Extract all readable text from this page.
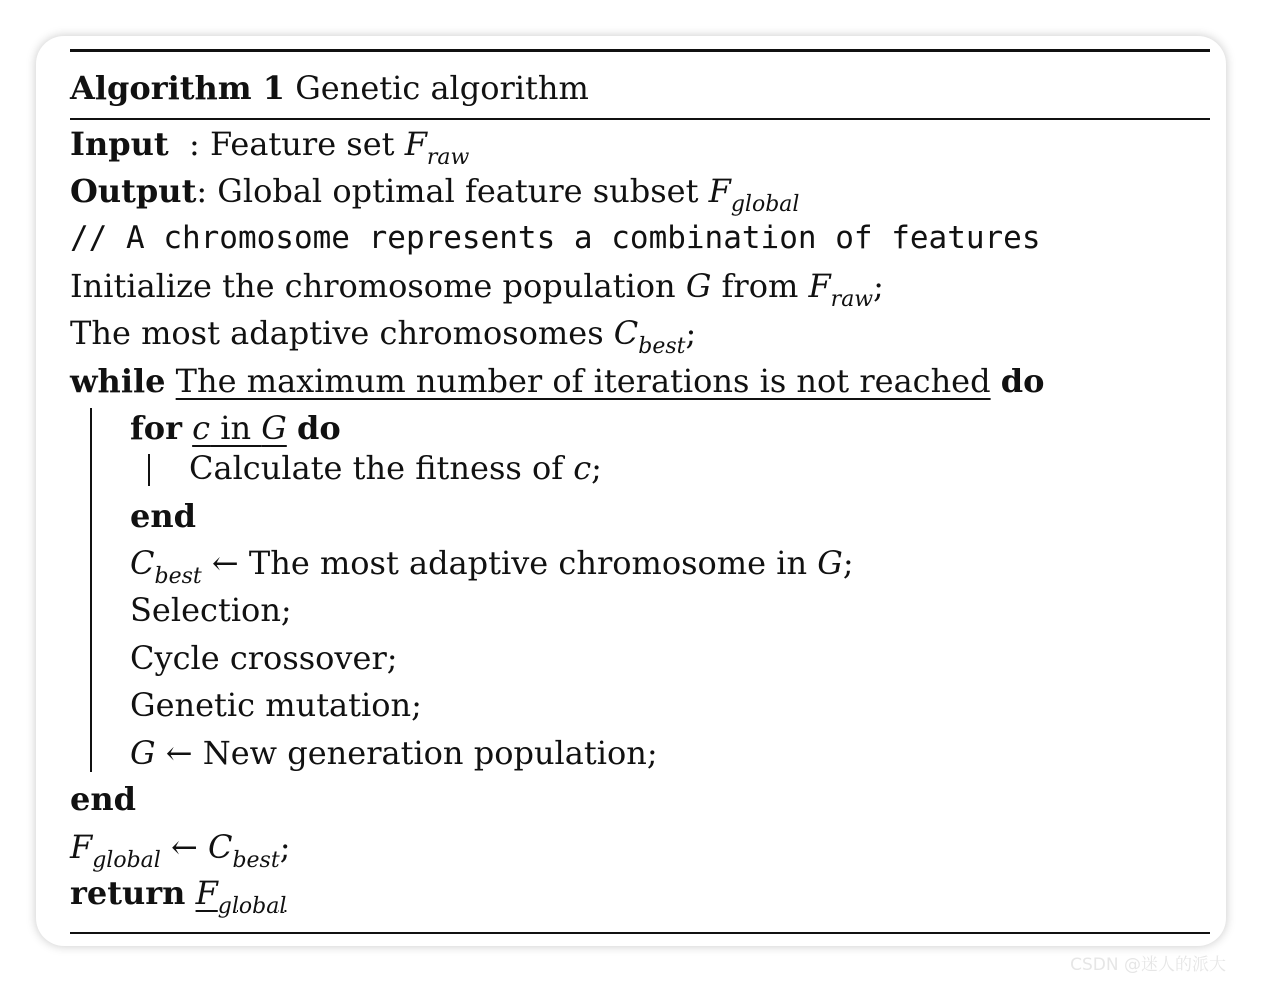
Algorithm 1 Genetic algorithm
Input : Feature set $F_{raw}$
Output: Global optimal feature subset $F_{global}$
// A chromosome represents a combination of features
Initialize the chromosome population G from $F_{raw}$;
The most adaptive chromosomes $C_{best}$;
while The maximum number of iterations is not reached do
for c in G do
Calculate the fitness of c;
end
$C_{best}$ ← The most adaptive chromosome in G;
Selection;
Cycle crossover;
Genetic mutation;
G ← New generation population;
end
$F_{global}$ ← $C_{best}$;
return $F_{global}$
CSDN @迷人的派大
